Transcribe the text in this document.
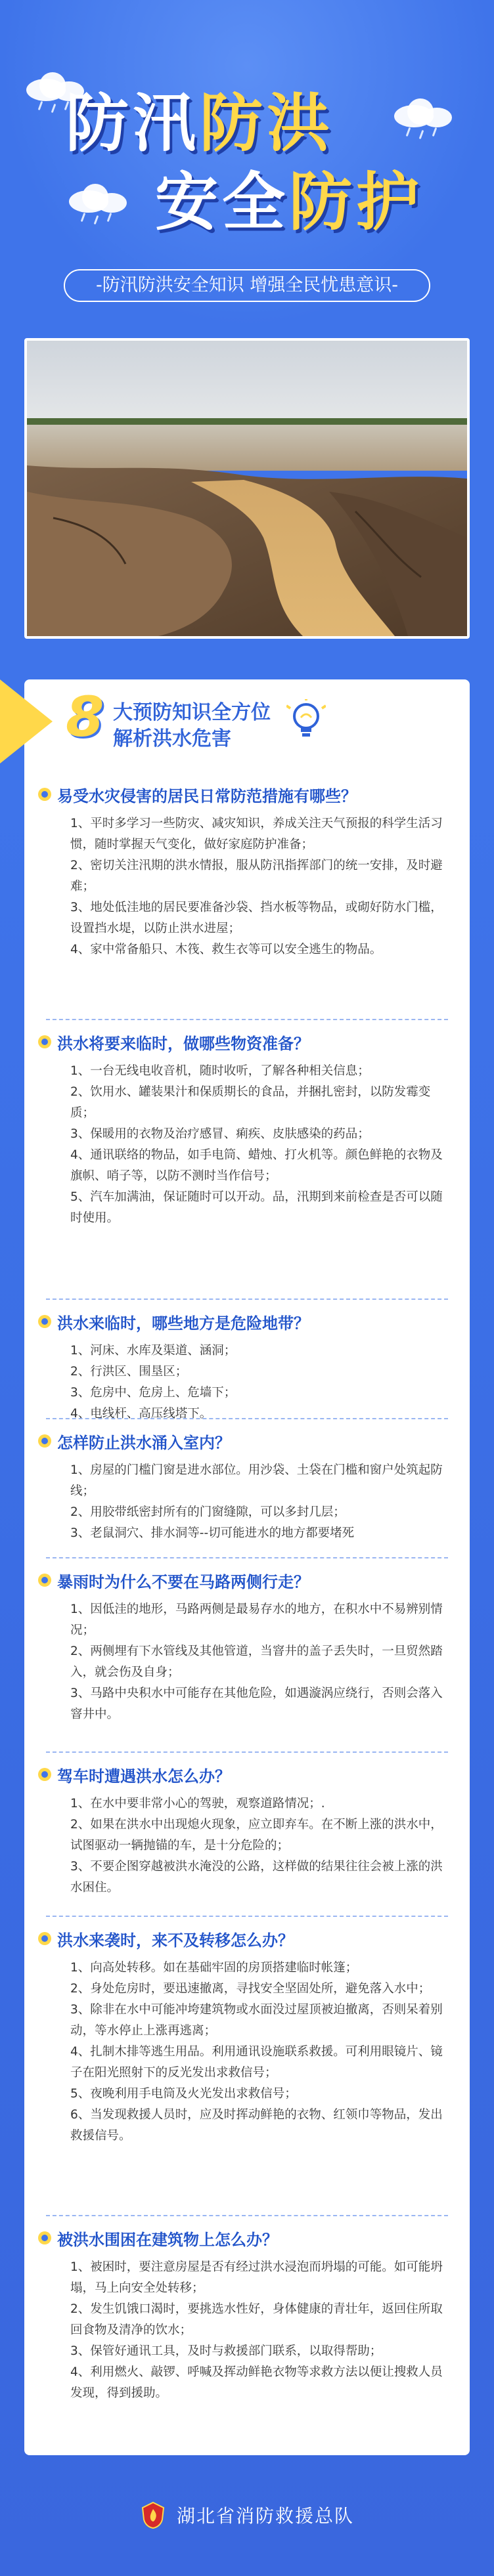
防汛防洪
安全防护
-防汛防洪安全知识 增强全民忧患意识-
8 大预防知识全方位
解析洪水危害
易受水灾侵害的居民日常防范措施有哪些？

1、平时多学习一些防灾、减灾知识，养成关注天气预报的科学生活习惯，随时掌握天气变化，做好家庭防护准备；

2、密切关注汛期的洪水情报，服从防汛指挥部门的统一安排，及时避难；

3、地处低洼地的居民要准备沙袋、挡水板等物品，或砌好防水门槛，设置挡水堤，以防止洪水进屋；

4、家中常备船只、木筏、救生衣等可以安全逃生的物品。

洪水将要来临时，做哪些物资准备？

1、一台无线电收音机，随时收听，了解各种相关信息；

2、饮用水、罐装果汁和保质期长的食品，并捆扎密封，以防发霉变质；

3、保暖用的衣物及治疗感冒、痢疾、皮肤感染的药品；

4、通讯联络的物品，如手电筒、蜡烛、打火机等。颜色鲜艳的衣物及旗帜、哨子等，以防不测时当作信号；

5、汽车加满油，保证随时可以开动。品，汛期到来前检查是否可以随时使用。

洪水来临时，哪些地方是危险地带？

1、河床、水库及渠道、涵洞；

2、行洪区、围垦区；

3、危房中、危房上、危墙下；

4、电线杆、高压线塔下。

怎样防止洪水涌入室内？

1、房屋的门槛门窗是进水部位。用沙袋、土袋在门槛和窗户处筑起防线；

2、用胶带纸密封所有的门窗缝隙，可以多封几层；

3、老鼠洞穴、排水洞等--切可能进水的地方都要堵死

暴雨时为什么不要在马路两侧行走？

1、因低洼的地形，马路两侧是最易存水的地方，在积水中不易辨别情况；

2、两侧埋有下水管线及其他管道，当窨井的盖子丢失时，一旦贸然踏入，就会伤及自身；

3、马路中央积水中可能存在其他危险，如遇漩涡应绕行，否则会落入窨井中。

驾车时遭遇洪水怎么办？

1、在水中要非常小心的驾驶，观察道路情况；.

2、如果在洪水中出现熄火现象，应立即弃车。在不断上涨的洪水中，试图驱动一辆抛锚的车，是十分危险的；

3、不要企图穿越被洪水淹没的公路，这样做的结果往往会被上涨的洪水困住。

洪水来袭时，来不及转移怎么办？

1、向高处转移。如在基础牢固的房顶搭建临时帐篷；

2、身处危房时，要迅速撤离，寻找安全坚固处所，避免落入水中；

3、除非在水中可能冲垮建筑物或水面没过屋顶被迫撤离，否则呆着别动，等水停止上涨再逃离；

4、扎制木排等逃生用品。利用通讯设施联系救援。可利用眼镜片、镜子在阳光照射下的反光发出求救信号；

5、夜晚利用手电筒及火光发出求救信号；

6、当发现救援人员时，应及时挥动鲜艳的衣物、红领巾等物品，发出救援信号。

被洪水围困在建筑物上怎么办？

1、被困时，要注意房屋是否有经过洪水浸泡而坍塌的可能。如可能坍塌，马上向安全处转移；

2、发生饥饿口渴时，要挑选水性好，身体健康的青壮年，返回住所取回食物及清净的饮水；

3、保管好通讯工具，及时与救援部门联系，以取得帮助；

4、利用燃火、敲锣、呼喊及挥动鲜艳衣物等求救方法以便让搜救人员发现，得到援助。

湖北省消防救援总队
